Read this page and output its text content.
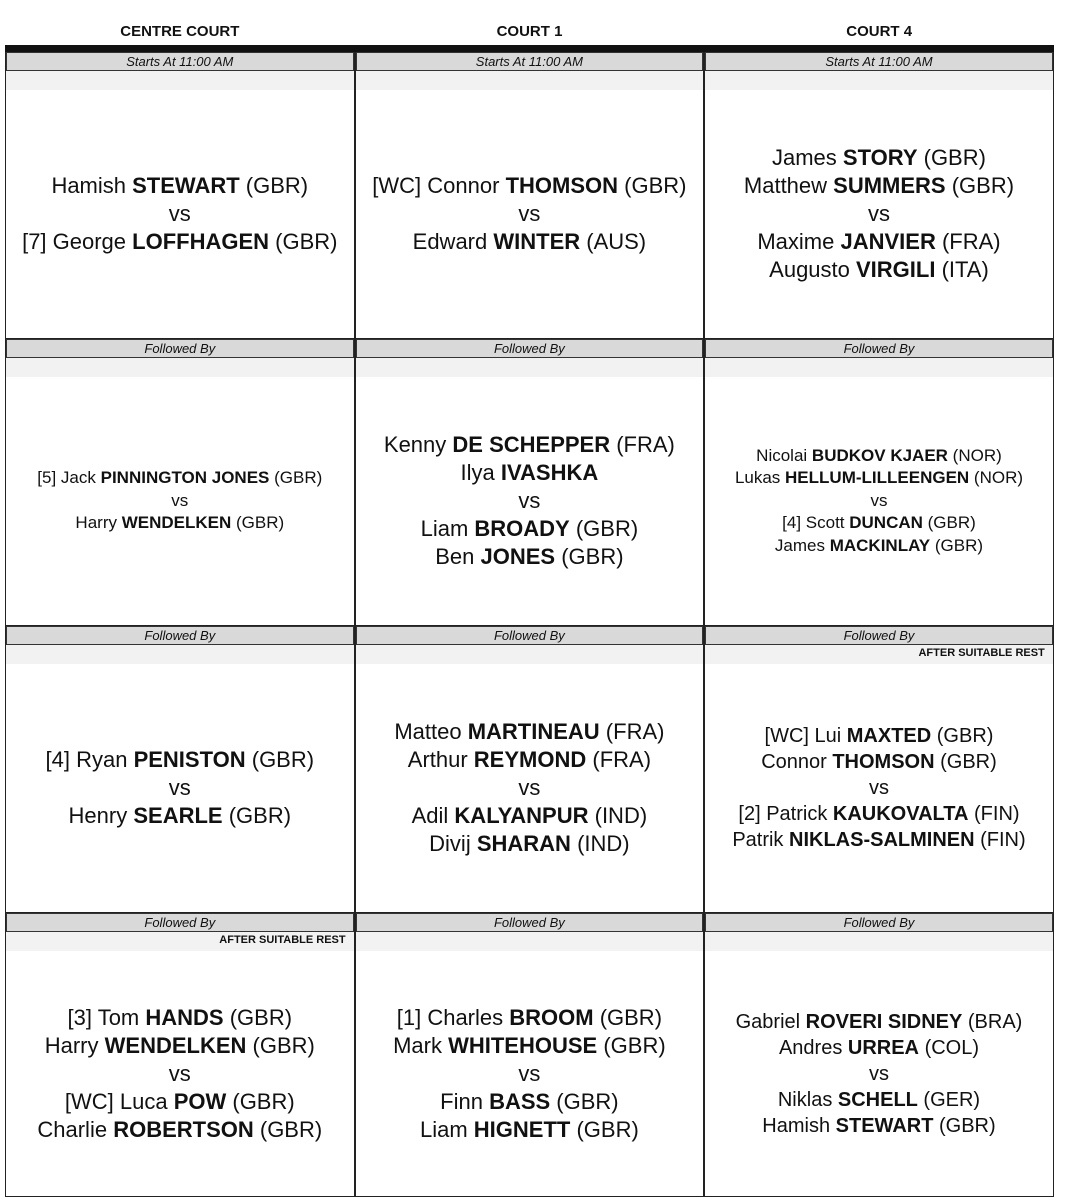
CENTRE COURT	COURT 1	COURT 4
Starts At 11:00 AM
Hamish STEWART (GBR)
vs
[7] George LOFFHAGEN (GBR)
Followed By
[5] Jack PINNINGTON JONES (GBR)
vs
Harry WENDELKEN (GBR)
Followed By
[4] Ryan PENISTON (GBR)
vs
Henry SEARLE (GBR)
Followed By
AFTER SUITABLE REST
[3] Tom HANDS (GBR)
Harry WENDELKEN (GBR)
vs
[WC] Luca POW (GBR)
Charlie ROBERTSON (GBR)
Starts At 11:00 AM
[WC] Connor THOMSON (GBR)
vs
Edward WINTER (AUS)
Followed By
Kenny DE SCHEPPER (FRA)
Ilya IVASHKA
vs
Liam BROADY (GBR)
Ben JONES (GBR)
Followed By
Matteo MARTINEAU (FRA)
Arthur REYMOND (FRA)
vs
Adil KALYANPUR (IND)
Divij SHARAN (IND)
Followed By
[1] Charles BROOM (GBR)
Mark WHITEHOUSE (GBR)
vs
Finn BASS (GBR)
Liam HIGNETT (GBR)
Starts At 11:00 AM
James STORY (GBR)
Matthew SUMMERS (GBR)
vs
Maxime JANVIER (FRA)
Augusto VIRGILI (ITA)
Followed By
Nicolai BUDKOV KJAER (NOR)
Lukas HELLUM-LILLEENGEN (NOR)
vs
[4] Scott DUNCAN (GBR)
James MACKINLAY (GBR)
Followed By
AFTER SUITABLE REST
[WC] Lui MAXTED (GBR)
Connor THOMSON (GBR)
vs
[2] Patrick KAUKOVALTA (FIN)
Patrik NIKLAS-SALMINEN (FIN)
Followed By
Gabriel ROVERI SIDNEY (BRA)
Andres URREA (COL)
vs
Niklas SCHELL (GER)
Hamish STEWART (GBR)
